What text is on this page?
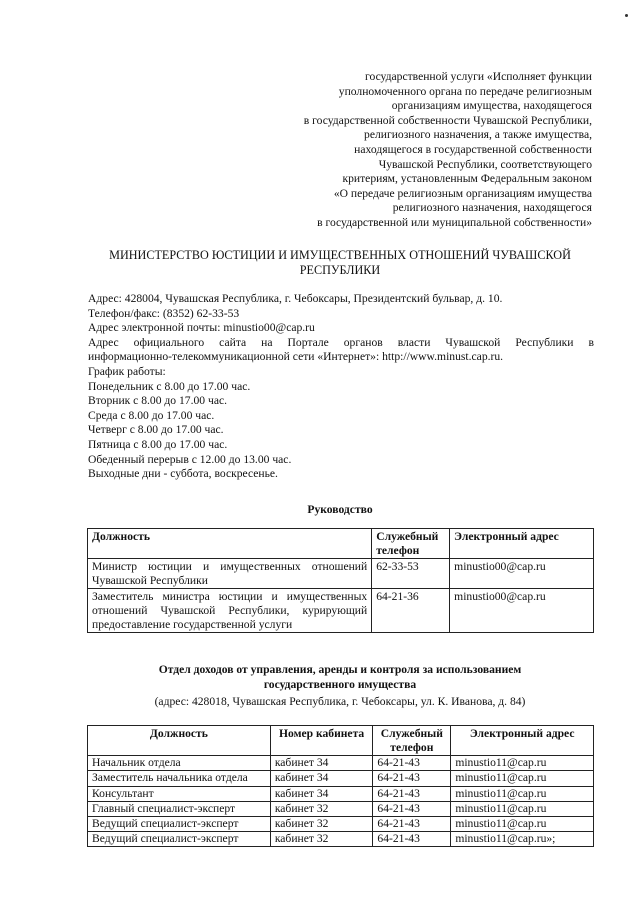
государственной услуги «Исполняет функции
уполномоченного органа по передаче религиозным
организациям имущества, находящегося
в государственной собственности Чувашской Республики,
религиозного назначения, а также имущества,
находящегося в государственной собственности
Чувашской Республики, соответствующего
критериям, установленным Федеральным законом
«О передаче религиозным организациям имущества
религиозного назначения, находящегося
в государственной или муниципальной собственности»
МИНИСТЕРСТВО ЮСТИЦИИ И ИМУЩЕСТВЕННЫХ ОТНОШЕНИЙ ЧУВАШСКОЙ
РЕСПУБЛИКИ
Адрес: 428004, Чувашская Республика, г. Чебоксары, Президентский бульвар, д. 10.
Телефон/факс: (8352) 62-33-53
Адрес электронной почты: minustio00@cap.ru
Адрес официального сайта на Портале органов власти Чувашской Республики в
информационно-телекоммуникационной сети «Интернет»: http://www.minust.cap.ru.
График работы:
Понедельник с 8.00 до 17.00 час.
Вторник с 8.00 до 17.00 час.
Среда с 8.00 до 17.00 час.
Четверг с 8.00 до 17.00 час.
Пятница с 8.00 до 17.00 час.
Обеденный перерыв с 12.00 до 13.00 час.
Выходные дни - суббота, воскресенье.
Руководство
Должность	Служебный телефон	Электронный адрес
Министр юстиции и имущественных отношений Чувашской Республики	62-33-53	minustio00@cap.ru
Заместитель министра юстиции и имущественных отношений Чувашской Республики, курирующий предоставление государственной услуги	64-21-36	minustio00@cap.ru
Отдел доходов от управления, аренды и контроля за использованием
государственного имущества
(адрес: 428018, Чувашская Республика, г. Чебоксары, ул. К. Иванова, д. 84)
Должность	Номер кабинета	Служебный телефон	Электронный адрес
Начальник отдела	кабинет 34	64-21-43	minustio11@cap.ru
Заместитель начальника отдела	кабинет 34	64-21-43	minustio11@cap.ru
Консультант	кабинет 34	64-21-43	minustio11@cap.ru
Главный специалист-эксперт	кабинет 32	64-21-43	minustio11@cap.ru
Ведущий специалист-эксперт	кабинет 32	64-21-43	minustio11@cap.ru
Ведущий специалист-эксперт	кабинет 32	64-21-43	minustio11@cap.ru»;
